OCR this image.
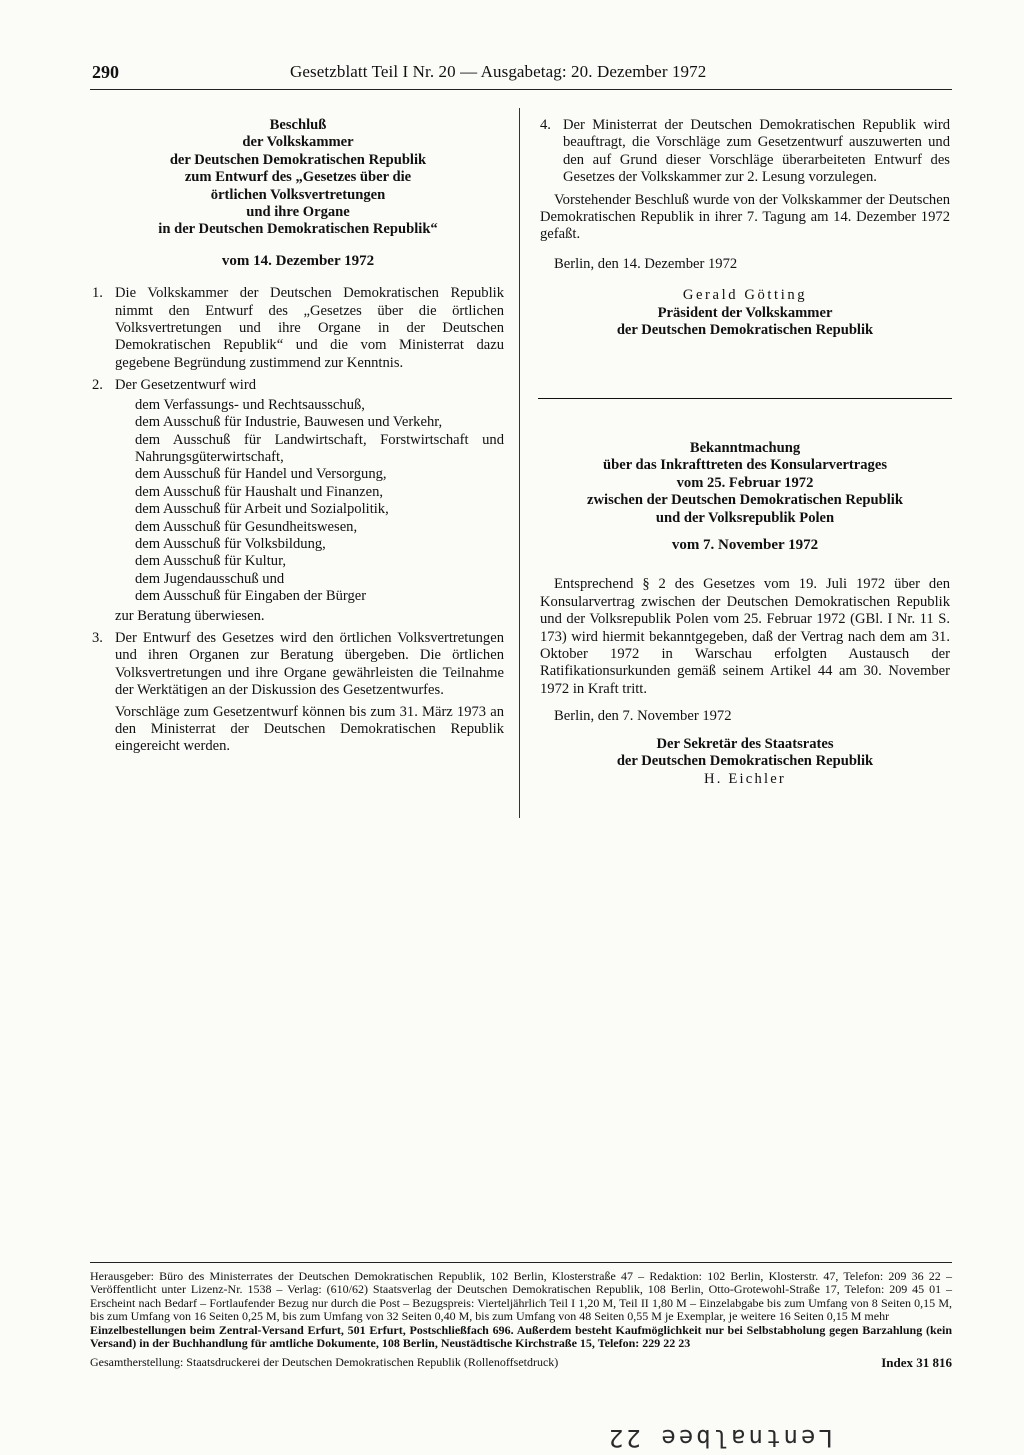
290	Gesetzblatt Teil I Nr. 20 — Ausgabetag: 20. Dezember 1972
Beschluß
der Volkskammer
der Deutschen Demokratischen Republik
zum Entwurf des „Gesetzes über die
örtlichen Volksvertretungen
und ihre Organe
in der Deutschen Demokratischen Republik“
vom 14. Dezember 1972
1. Die Volkskammer der Deutschen Demokratischen Republik nimmt den Entwurf des „Gesetzes über die örtlichen Volksvertretungen und ihre Organe in der Deutschen Demokratischen Republik“ und die vom Ministerrat dazu gegebene Begründung zustimmend zur Kenntnis.

2. Der Gesetzentwurf wird

dem Verfassungs- und Rechtsausschuß,
dem Ausschuß für Industrie, Bauwesen und Verkehr,
dem Ausschuß für Landwirtschaft, Forstwirtschaft und Nahrungsgüterwirtschaft,
dem Ausschuß für Handel und Versorgung,
dem Ausschuß für Haushalt und Finanzen,
dem Ausschuß für Arbeit und Sozialpolitik,
dem Ausschuß für Gesundheitswesen,
dem Ausschuß für Volksbildung,
dem Ausschuß für Kultur,
dem Jugendausschuß und
dem Ausschuß für Eingaben der Bürger

zur Beratung überwiesen.

3. Der Entwurf des Gesetzes wird den örtlichen Volksvertretungen und ihren Organen zur Beratung übergeben. Die örtlichen Volksvertretungen und ihre Organe gewährleisten die Teilnahme der Werktätigen an der Diskussion des Gesetzentwurfes.

Vorschläge zum Gesetzentwurf können bis zum 31. März 1973 an den Ministerrat der Deutschen Demokratischen Republik eingereicht werden.

4. Der Ministerrat der Deutschen Demokratischen Republik wird beauftragt, die Vorschläge zum Gesetzentwurf auszuwerten und den auf Grund dieser Vorschläge überarbeiteten Entwurf des Gesetzes der Volkskammer zur 2. Lesung vorzulegen.

Vorstehender Beschluß wurde von der Volkskammer der Deutschen Demokratischen Republik in ihrer 7. Tagung am 14. Dezember 1972 gefaßt.

Berlin, den 14. Dezember 1972

Gerald Götting
Präsident der Volkskammer
der Deutschen Demokratischen Republik
Bekanntmachung
über das Inkrafttreten des Konsularvertrages
vom 25. Februar 1972
zwischen der Deutschen Demokratischen Republik
und der Volksrepublik Polen
vom 7. November 1972

Entsprechend § 2 des Gesetzes vom 19. Juli 1972 über den Konsularvertrag zwischen der Deutschen Demokratischen Republik und der Volksrepublik Polen vom 25. Februar 1972 (GBl. I Nr. 11 S. 173) wird hiermit bekanntgegeben, daß der Vertrag nach dem am 31. Oktober 1972 in Warschau erfolgten Austausch der Ratifikationsurkunden gemäß seinem Artikel 44 am 30. November 1972 in Kraft tritt.

Berlin, den 7. November 1972

Der Sekretär des Staatsrates
der Deutschen Demokratischen Republik
H. Eichler

Herausgeber: Büro des Ministerrates der Deutschen Demokratischen Republik, 102 Berlin, Klosterstraße 47 – Redaktion: 102 Berlin, Klosterstr. 47, Telefon: 209 36 22 – Veröffentlicht unter Lizenz-Nr. 1538 – Verlag: (610/62) Staatsverlag der Deutschen Demokratischen Republik, 108 Berlin, Otto-Grotewohl-Straße 17, Telefon: 209 45 01 – Erscheint nach Bedarf – Fortlaufender Bezug nur durch die Post – Bezugspreis: Vierteljährlich Teil I 1,20 M, Teil II 1,80 M – Einzelabgabe bis zum Umfang von 8 Seiten 0,15 M, bis zum Umfang von 16 Seiten 0,25 M, bis zum Umfang von 32 Seiten 0,40 M, bis zum Umfang von 48 Seiten 0,55 M je Exemplar, je weitere 16 Seiten 0,15 M mehr

Einzelbestellungen beim Zentral-Versand Erfurt, 501 Erfurt, Postschließfach 696. Außerdem besteht Kaufmöglichkeit nur bei Selbstabholung gegen Barzahlung (kein Versand) in der Buchhandlung für amtliche Dokumente, 108 Berlin, Neustädtische Kirchstraße 15, Telefon: 229 22 23

Gesamtherstellung: Staatsdruckerei der Deutschen Demokratischen Republik (Rollenoffsetdruck)	Index 31 816
Lentnalbee 22
